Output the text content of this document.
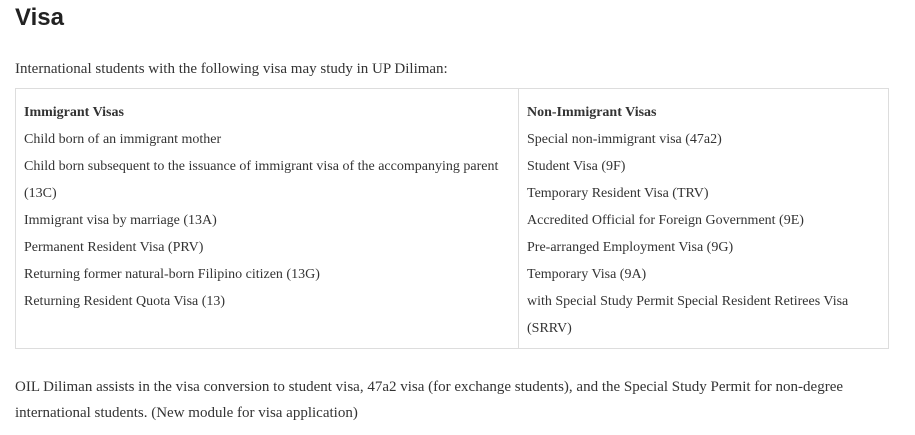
Visa

International students with the following visa may study in UP Diliman:

Immigrant Visas
Child born of an immigrant mother
Child born subsequent to the issuance of immigrant visa of the accompanying parent (13C)
Immigrant visa by marriage (13A)
Permanent Resident Visa (PRV)
Returning former natural-born Filipino citizen (13G)
Returning Resident Quota Visa (13)
Non-Immigrant Visas
Special non-immigrant visa (47a2)
Student Visa (9F)
Temporary Resident Visa (TRV)
Accredited Official for Foreign Government (9E)
Pre-arranged Employment Visa (9G)
Temporary Visa (9A)
with Special Study Permit Special Resident Retirees Visa (SRRV)

OIL Diliman assists in the visa conversion to student visa, 47a2 visa (for exchange students), and the Special Study Permit for non-degree international students. (New module for visa application)
